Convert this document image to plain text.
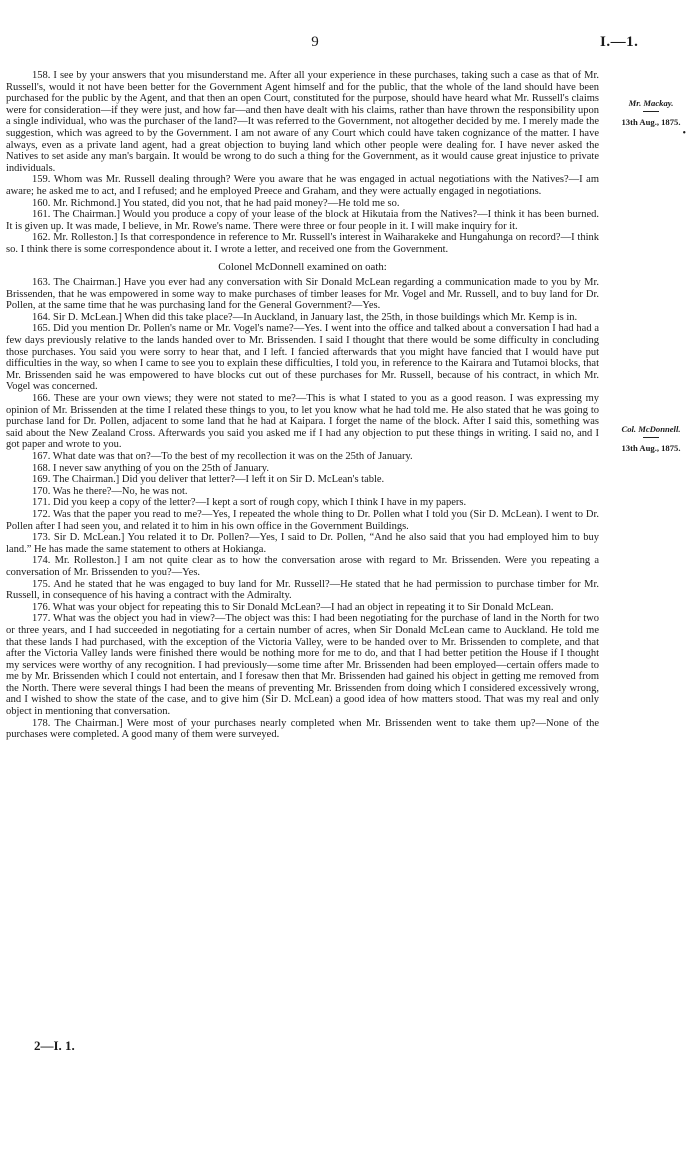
9	I.—1.
Mr. Mackay.
13th Aug., 1875.
•
Col. McDonnell.
13th Aug., 1875.

158. I see by your answers that you misunderstand me. After all your experience in these purchases, taking such a case as that of Mr. Russell's, would it not have been better for the Government Agent himself and for the public, that the whole of the land should have been purchased for the public by the Agent, and that then an open Court, constituted for the purpose, should have heard what Mr. Russell's claims were for consideration—if they were just, and how far—and then have dealt with his claims, rather than have thrown the responsibility upon a single individual, who was the purchaser of the land?—It was referred to the Government, not altogether decided by me. I merely made the suggestion, which was agreed to by the Government. I am not aware of any Court which could have taken cognizance of the matter. I have always, even as a private land agent, had a great objection to buying land which other people were dealing for. I have never asked the Natives to set aside any man's bargain. It would be wrong to do such a thing for the Government, as it would cause great injustice to private individuals.

159. Whom was Mr. Russell dealing through? Were you aware that he was engaged in actual negotiations with the Natives?—I am aware; he asked me to act, and I refused; and he employed Preece and Graham, and they were actually engaged in negotiations.

160. Mr. Richmond.] You stated, did you not, that he had paid money?—He told me so.

161. The Chairman.] Would you produce a copy of your lease of the block at Hikutaia from the Natives?—I think it has been burned. It is given up. It was made, I believe, in Mr. Rowe's name. There were three or four people in it. I will make inquiry for it.

162. Mr. Rolleston.] Is that correspondence in reference to Mr. Russell's interest in Waiharakeke and Hungahunga on record?—I think so. I think there is some correspondence about it. I wrote a letter, and received one from the Government.

Colonel McDonnell examined on oath:

163. The Chairman.] Have you ever had any conversation with Sir Donald McLean regarding a communication made to you by Mr. Brissenden, that he was empowered in some way to make purchases of timber leases for Mr. Vogel and Mr. Russell, and to buy land for Dr. Pollen, at the same time that he was purchasing land for the General Government?—Yes.

164. Sir D. McLean.] When did this take place?—In Auckland, in January last, the 25th, in those buildings which Mr. Kemp is in.

165. Did you mention Dr. Pollen's name or Mr. Vogel's name?—Yes. I went into the office and talked about a conversation I had had a few days previously relative to the lands handed over to Mr. Brissenden. I said I thought that there would be some difficulty in concluding those purchases. You said you were sorry to hear that, and I left. I fancied afterwards that you might have fancied that I would have put difficulties in the way, so when I came to see you to explain these difficulties, I told you, in reference to the Kairara and Tutamoi blocks, that Mr. Brissenden said he was empowered to have blocks cut out of these purchases for Mr. Russell, because of his contract, in which Mr. Vogel was concerned.

166. These are your own views; they were not stated to me?—This is what I stated to you as a good reason. I was expressing my opinion of Mr. Brissenden at the time I related these things to you, to let you know what he had told me. He also stated that he was going to purchase land for Dr. Pollen, adjacent to some land that he had at Kaipara. I forget the name of the block. After I said this, something was said about the New Zealand Cross. Afterwards you said you asked me if I had any objection to put these things in writing. I said no, and I got paper and wrote to you.

167. What date was that on?—To the best of my recollection it was on the 25th of January.

168. I never saw anything of you on the 25th of January.

169. The Chairman.] Did you deliver that letter?—I left it on Sir D. McLean's table.

170. Was he there?—No, he was not.

171. Did you keep a copy of the letter?—I kept a sort of rough copy, which I think I have in my papers.

172. Was that the paper you read to me?—Yes, I repeated the whole thing to Dr. Pollen what I told you (Sir D. McLean). I went to Dr. Pollen after I had seen you, and related it to him in his own office in the Government Buildings.

173. Sir D. McLean.] You related it to Dr. Pollen?—Yes, I said to Dr. Pollen, “And he also said that you had employed him to buy land.” He has made the same statement to others at Hokianga.

174. Mr. Rolleston.] I am not quite clear as to how the conversation arose with regard to Mr. Brissenden. Were you repeating a conversation of Mr. Brissenden to you?—Yes.

175. And he stated that he was engaged to buy land for Mr. Russell?—He stated that he had permission to purchase timber for Mr. Russell, in consequence of his having a contract with the Admiralty.

176. What was your object for repeating this to Sir Donald McLean?—I had an object in repeating it to Sir Donald McLean.

177. What was the object you had in view?—The object was this: I had been negotiating for the purchase of land in the North for two or three years, and I had succeeded in negotiating for a certain number of acres, when Sir Donald McLean came to Auckland. He told me that these lands I had purchased, with the exception of the Victoria Valley, were to be handed over to Mr. Brissenden to complete, and that after the Victoria Valley lands were finished there would be nothing more for me to do, and that I had better petition the House if I thought my services were worthy of any recognition. I had previously—some time after Mr. Brissenden had been employed—certain offers made to me by Mr. Brissenden which I could not entertain, and I foresaw then that Mr. Brissenden had gained his object in getting me removed from the North. There were several things I had been the means of preventing Mr. Brissenden from doing which I considered excessively wrong, and I wished to show the state of the case, and to give him (Sir D. McLean) a good idea of how matters stood. That was my real and only object in mentioning that conversation.

178. The Chairman.] Were most of your purchases nearly completed when Mr. Brissenden went to take them up?—None of the purchases were completed. A good many of them were surveyed.

2—I. 1.
